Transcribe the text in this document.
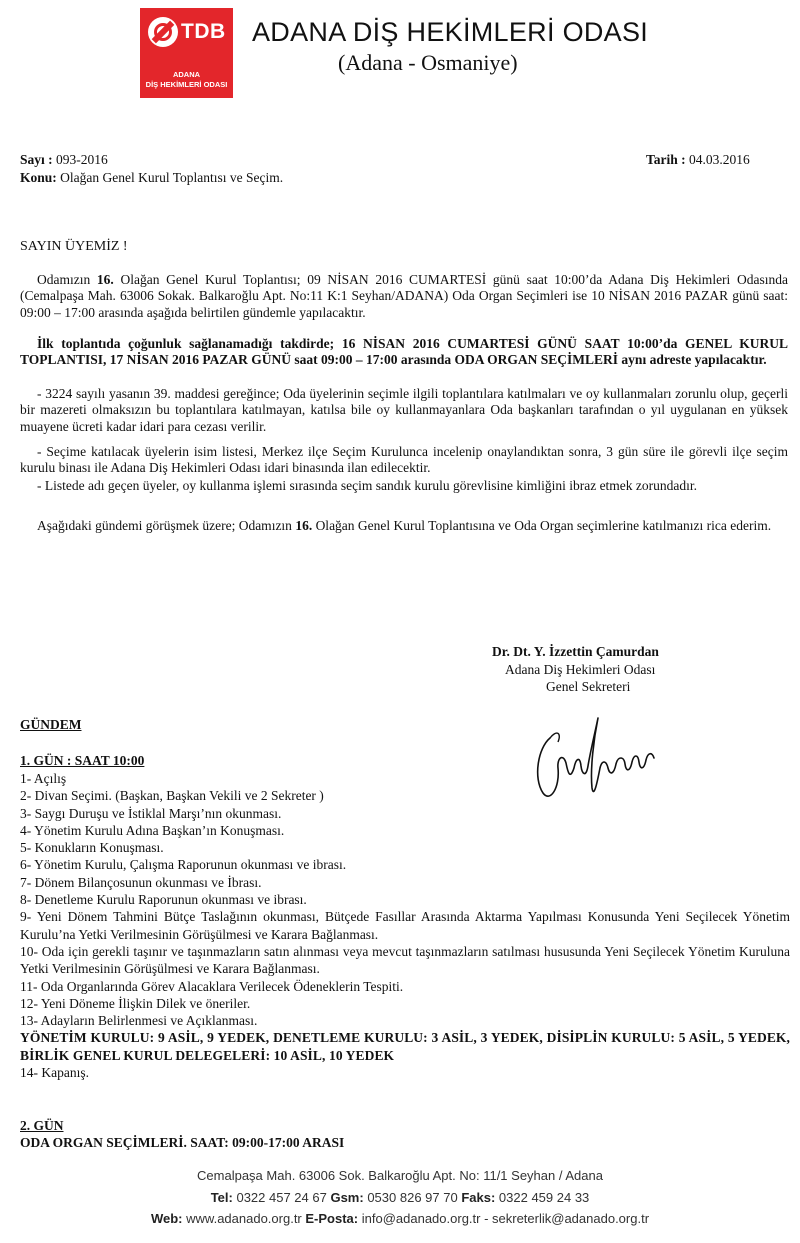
TDB
ADANA
DİŞ HEKİMLERİ ODASI
ADANA DİŞ HEKİMLERİ ODASI
(Adana - Osmaniye)
Sayı : 093-2016
Konu: Olağan Genel Kurul Toplantısı ve Seçim.
Tarih : 04.03.2016
SAYIN ÜYEMİZ !
Odamızın 16. Olağan Genel Kurul Toplantısı; 09 NİSAN 2016 CUMARTESİ günü saat 10:00’da Adana Diş Hekimleri Odasında (Cemalpaşa Mah. 63006 Sokak. Balkaroğlu Apt. No:11 K:1 Seyhan/ADANA) Oda Organ Seçimleri ise 10 NİSAN 2016 PAZAR günü saat: 09:00 – 17:00 arasında aşağıda belirtilen gündemle yapılacaktır.
İlk toplantıda çoğunluk sağlanamadığı takdirde; 16 NİSAN 2016 CUMARTESİ GÜNÜ SAAT 10:00’da GENEL KURUL TOPLANTISI, 17 NİSAN 2016 PAZAR GÜNÜ saat 09:00 – 17:00 arasında ODA ORGAN SEÇİMLERİ aynı adreste yapılacaktır.
- 3224 sayılı yasanın 39. maddesi gereğince; Oda üyelerinin seçimle ilgili toplantılara katılmaları ve oy kullanmaları zorunlu olup, geçerli bir mazereti olmaksızın bu toplantılara katılmayan, katılsa bile oy kullanmayanlara Oda başkanları tarafından o yıl uygulanan en yüksek muayene ücreti kadar idari para cezası verilir.
- Seçime katılacak üyelerin isim listesi, Merkez ilçe Seçim Kurulunca incelenip onaylandıktan sonra, 3 gün süre ile görevli ilçe seçim kurulu binası ile Adana Diş Hekimleri Odası idari binasında ilan edilecektir.
- Listede adı geçen üyeler, oy kullanma işlemi sırasında seçim sandık kurulu görevlisine kimliğini ibraz etmek zorundadır.
Aşağıdaki gündemi görüşmek üzere; Odamızın 16. Olağan Genel Kurul Toplantısına ve Oda Organ seçimlerine katılmanızı rica ederim.
Dr. Dt. Y. İzzettin Çamurdan
Adana Diş Hekimleri Odası
Genel Sekreteri
GÜNDEM
1. GÜN : SAAT 10:00
1- Açılış
2- Divan Seçimi. (Başkan, Başkan Vekili ve 2 Sekreter )
3- Saygı Duruşu ve İstiklal Marşı’nın okunması.
4- Yönetim Kurulu Adına Başkan’ın Konuşması.
5- Konukların Konuşması.
6- Yönetim Kurulu, Çalışma Raporunun okunması ve ibrası.
7- Dönem Bilançosunun okunması ve İbrası.
8- Denetleme Kurulu Raporunun okunması ve ibrası.
9- Yeni Dönem Tahmini Bütçe Taslağının okunması, Bütçede Fasıllar Arasında Aktarma Yapılması Konusunda Yeni Seçilecek Yönetim Kurulu’na Yetki Verilmesinin Görüşülmesi ve Karara Bağlanması.
10- Oda için gerekli taşınır ve taşınmazların satın alınması veya mevcut taşınmazların satılması hususunda Yeni Seçilecek Yönetim Kuruluna Yetki Verilmesinin Görüşülmesi ve Karara Bağlanması.
11- Oda Organlarında Görev Alacaklara Verilecek Ödeneklerin Tespiti.
12- Yeni Döneme İlişkin Dilek ve öneriler.
13- Adayların Belirlenmesi ve Açıklanması.
YÖNETİM KURULU: 9 ASİL, 9 YEDEK, DENETLEME KURULU: 3 ASİL, 3 YEDEK, DİSİPLİN KURULU: 5 ASİL, 5 YEDEK, BİRLİK GENEL KURUL DELEGELERİ: 10 ASİL, 10 YEDEK
14- Kapanış.
2. GÜN
ODA ORGAN SEÇİMLERİ. SAAT: 09:00-17:00 ARASI
Cemalpaşa Mah. 63006 Sok. Balkaroğlu Apt. No: 11/1 Seyhan / Adana
Tel: 0322 457 24 67 Gsm: 0530 826 97 70 Faks: 0322 459 24 33
Web: www.adanado.org.tr E-Posta: info@adanado.org.tr - sekreterlik@adanado.org.tr
